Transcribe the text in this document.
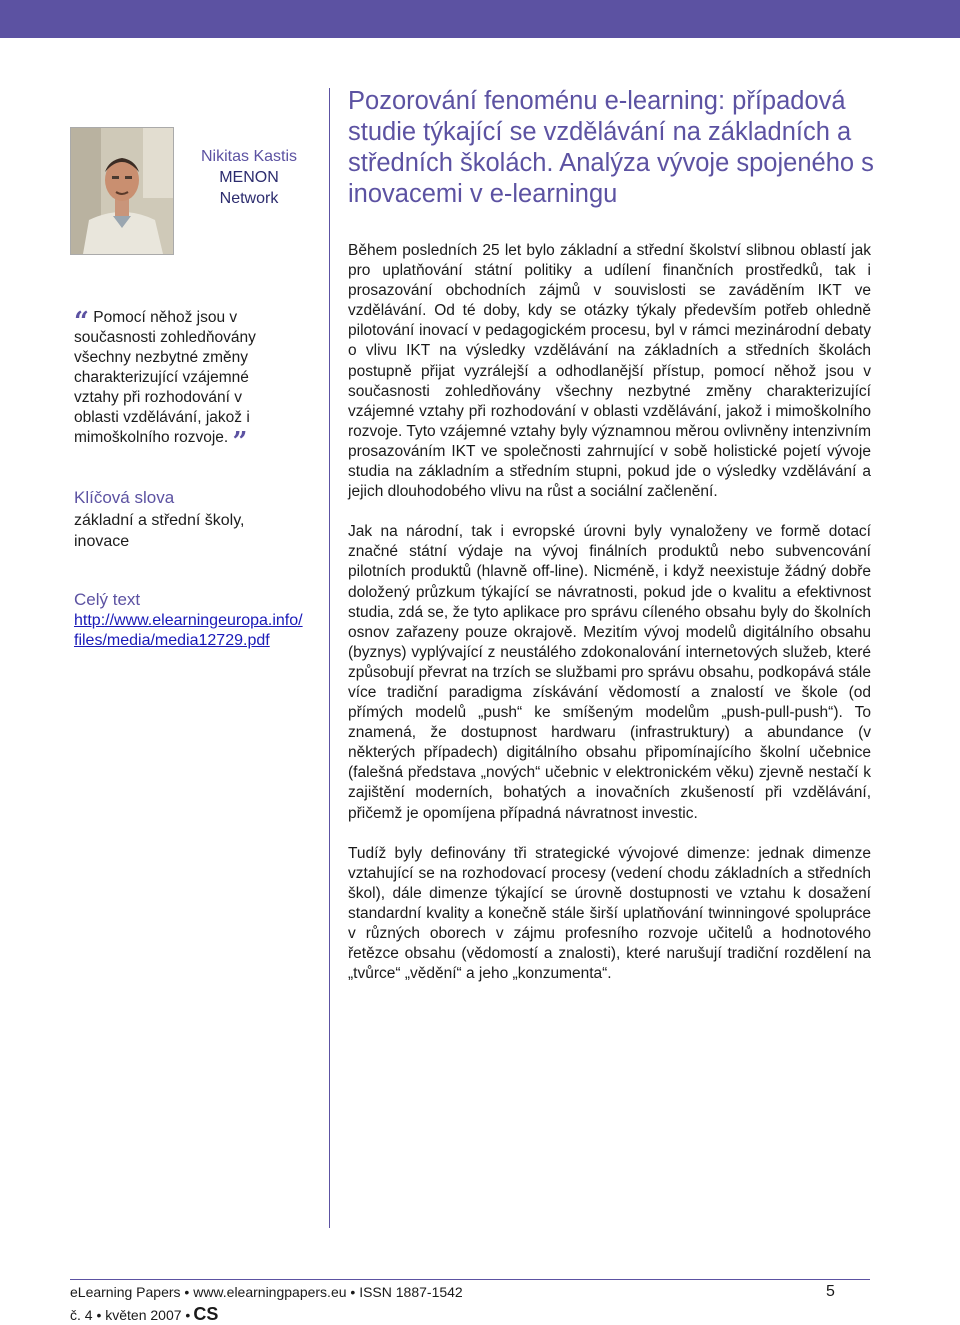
Nikitas Kastis
MENON
Network
Pozorování fenoménu e-learning: případová studie týkající se vzdělávání na základních a středních školách. Analýza vývoje spojeného s inovacemi v e-learningu
“ Pomocí něhož jsou v současnosti zohledňovány všechny nezbytné změny charakterizující vzájemné vztahy při rozhodování v oblasti vzdělávání, jakož i mimoškolního rozvoje. ”
Klíčová slova
základní a střední školy, inovace
Celý text
http://www.elearningeuropa.info/files/media/media12729.pdf

Během posledních 25 let bylo základní a střední školství slibnou oblastí jak pro uplatňování státní politiky a udílení finančních prostředků, tak i prosazování obchodních zájmů v souvislosti se zaváděním IKT ve vzdělávání. Od té doby, kdy se otázky týkaly především potřeb ohledně pilotování inovací v pedagogickém procesu, byl v rámci mezinárodní debaty o vlivu IKT na výsledky vzdělávání na základních a středních školách postupně přijat vyzrálejší a odhodlanější přístup, pomocí něhož jsou v současnosti zohledňovány všechny nezbytné změny charakterizující vzájemné vztahy při rozhodování v oblasti vzdělávání, jakož i mimoškolního rozvoje. Tyto vzájemné vztahy byly významnou měrou ovlivněny intenzivním prosazováním IKT ve společnosti zahrnující v sobě holistické pojetí vývoje studia na základním a středním stupni, pokud jde o výsledky vzdělávání a jejich dlouhodobého vlivu na růst a sociální začlenění.

Jak na národní, tak i evropské úrovni byly vynaloženy ve formě dotací značné státní výdaje na vývoj finálních produktů nebo subvencování pilotních produktů (hlavně off-line). Nicméně, i když neexistuje žádný dobře doložený průzkum týkající se návratnosti, pokud jde o kvalitu a efektivnost studia, zdá se, že tyto aplikace pro správu cíleného obsahu byly do školních osnov zařazeny pouze okrajově. Mezitím vývoj modelů digitálního obsahu (byznys) vyplývající z neustálého zdokonalování internetových služeb, které způsobují převrat na trzích se službami pro správu obsahu, podkopává stále více tradiční paradigma získávání vědomostí a znalostí ve škole (od přímých modelů „push“ ke smíšeným modelům „push-pull-push“). To znamená, že dostupnost hardwaru (infrastruktury) a abundance (v některých případech) digitálního obsahu připomínajícího školní učebnice (falešná představa „nových“ učebnic v elektronickém věku) zjevně nestačí k zajištění moderních, bohatých a inovačních zkušeností při vzdělávání, přičemž je opomíjena případná návratnost investic.

Tudíž byly definovány tři strategické vývojové dimenze: jednak dimenze vztahující se na rozhodovací procesy (vedení chodu základních a středních škol), dále dimenze týkající se úrovně dostupnosti ve vztahu k dosažení standardní kvality a konečně stále širší uplatňování twinningové spolupráce v různých oborech v zájmu profesního rozvoje učitelů a hodnotového řetězce obsahu (vědomostí a znalosti), které narušují tradiční rozdělení na „tvůrce“ „vědění“ a jeho „konzumenta“.

eLearning Papers • www.elearningpapers.eu • ISSN 1887-1542
č. 4 • květen 2007 • CS
5
